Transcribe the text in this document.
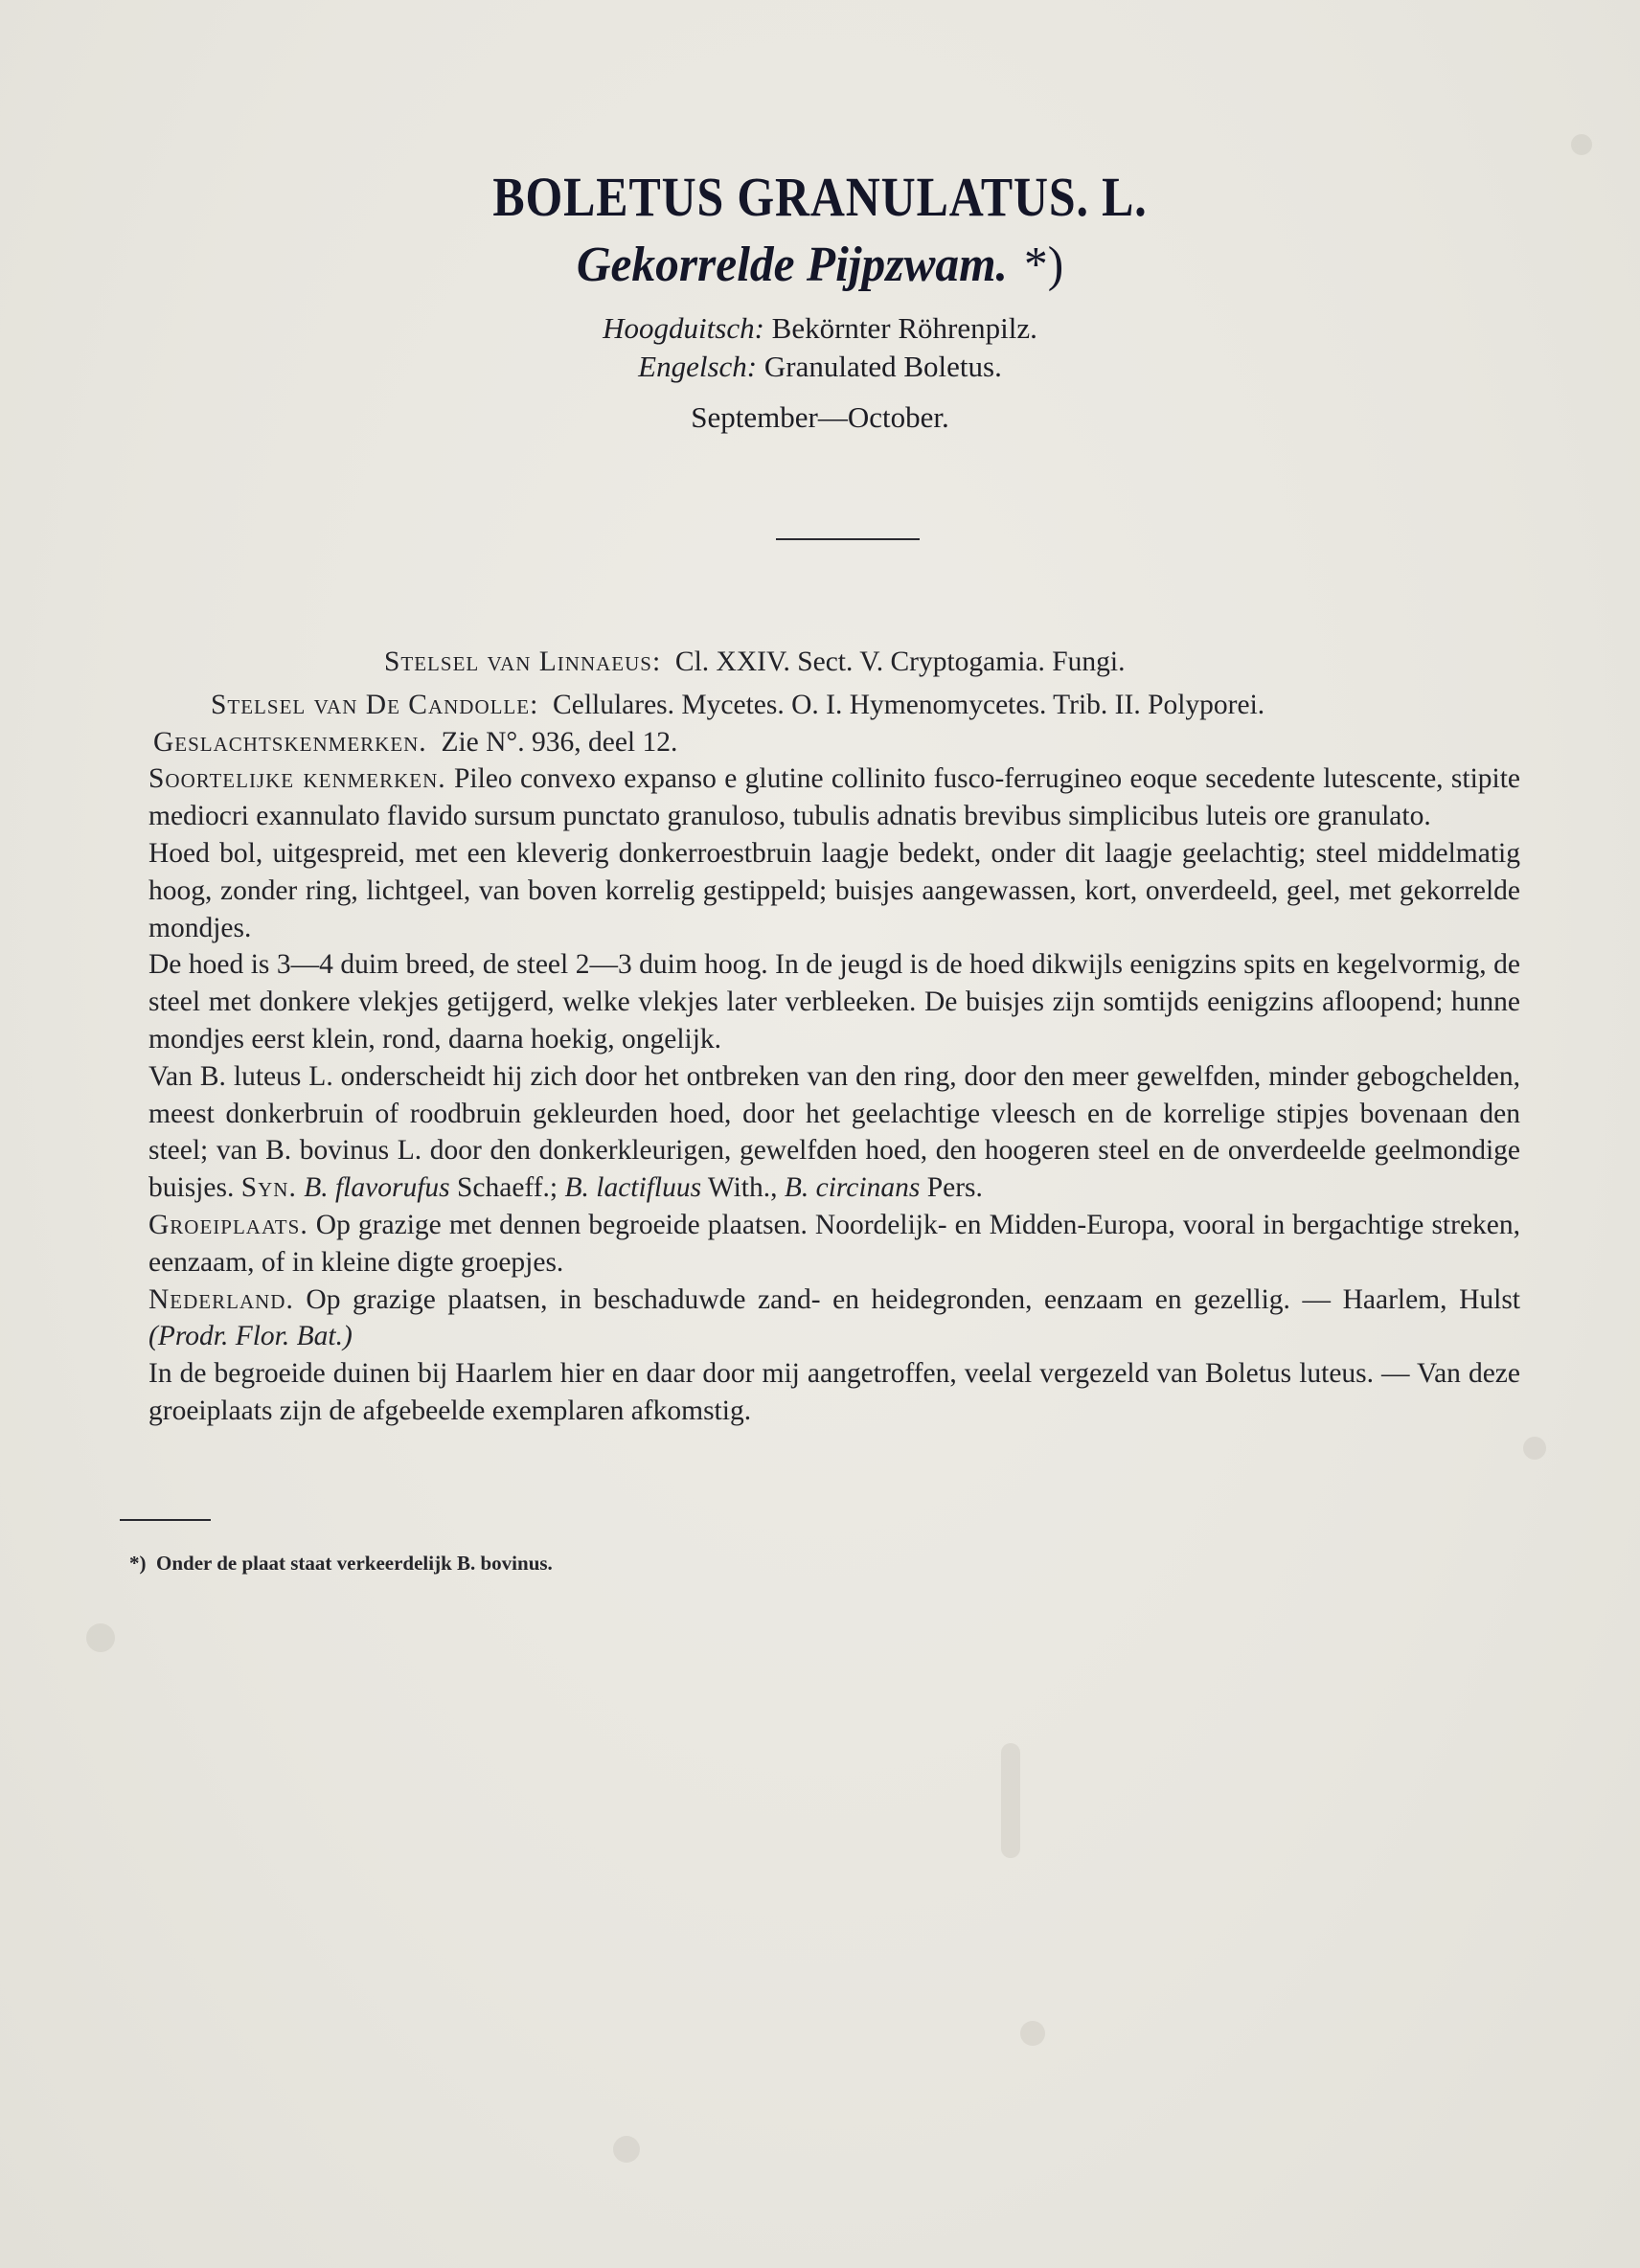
BOLETUS GRANULATUS. L.

Gekorrelde Pijpzwam. *)

Hoogduitsch: Bekörnter Röhrenpilz.
Engelsch: Granulated Boletus.
September—October.

Stelsel van Linnaeus: Cl. XXIV. Sect. V. Cryptogamia. Fungi.

Stelsel van De Candolle: Cellulares. Mycetes. O. I. Hymenomycetes. Trib. II. Polyporei.

Geslachtskenmerken. Zie N°. 936, deel 12.

Soortelijke kenmerken. Pileo convexo expanso e glutine collinito fusco-ferrugineo eoque secedente lutescente, stipite mediocri exannulato flavido sursum punctato granuloso, tubulis adnatis brevibus simplicibus luteis ore granulato.

Hoed bol, uitgespreid, met een kleverig donkerroestbruin laagje bedekt, onder dit laagje geelachtig; steel middelmatig hoog, zonder ring, lichtgeel, van boven korrelig gestippeld; buisjes aangewassen, kort, onverdeeld, geel, met gekorrelde mondjes.

De hoed is 3—4 duim breed, de steel 2—3 duim hoog. In de jeugd is de hoed dikwijls eenigzins spits en kegelvormig, de steel met donkere vlekjes getijgerd, welke vlekjes later verbleeken. De buisjes zijn somtijds eenigzins afloopend; hunne mondjes eerst klein, rond, daarna hoekig, ongelijk.

Van B. luteus L. onderscheidt hij zich door het ontbreken van den ring, door den meer gewelfden, minder gebogchelden, meest donkerbruin of roodbruin gekleurden hoed, door het geelachtige vleesch en de korrelige stipjes bovenaan den steel; van B. bovinus L. door den donkerkleurigen, gewelfden hoed, den hoogeren steel en de onverdeelde geelmondige buisjes. Syn. B. flavorufus Schaeff.; B. lactifluus With., B. circinans Pers.

Groeiplaats. Op grazige met dennen begroeide plaatsen. Noordelijk- en Midden-Europa, vooral in bergachtige streken, eenzaam, of in kleine digte groepjes.

Nederland. Op grazige plaatsen, in beschaduwde zand- en heidegronden, eenzaam en gezellig. — Haarlem, Hulst (Prodr. Flor. Bat.)

In de begroeide duinen bij Haarlem hier en daar door mij aangetroffen, veelal vergezeld van Boletus luteus. — Van deze groeiplaats zijn de afgebeelde exemplaren afkomstig.

*) Onder de plaat staat verkeerdelijk B. bovinus.
